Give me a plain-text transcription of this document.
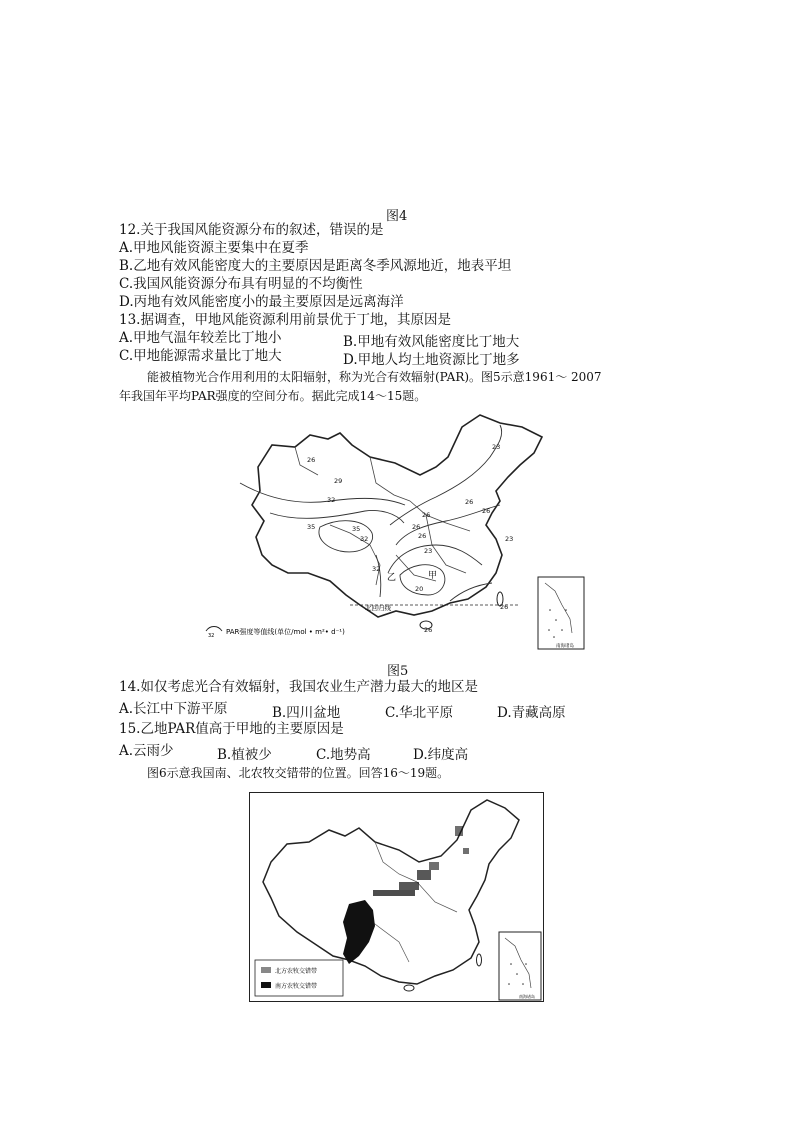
图4
12.关于我国风能资源分布的叙述，错误的是
A.甲地风能资源主要集中在夏季
B.乙地有效风能密度大的主要原因是距离冬季风源地近，地表平坦
C.我国风能资源分布具有明显的不均衡性
D.丙地有效风能密度小的最主要原因是远离海洋
13.据调查，甲地风能资源利用前景优于丁地，其原因是
A.甲地气温年较差比丁地小	B.甲地有效风能密度比丁地大
C.甲地能源需求量比丁地大	D.甲地人均土地资源比丁地多
能被植物光合作用利用的太阳辐射，称为光合有效辐射(PAR)。图5示意1961～ 2007
年我国年平均PAR强度的空间分布。据此完成14～15题。
26
29
32
35	35
32
26
23
26
26
23
32
20
26
26
26
26
23
甲
乙
北回归线
南海诸岛
32 PAR强度等值线(单位/mol • m²• d⁻¹)
图5
14.如仅考虑光合有效辐射，我国农业生产潜力最大的地区是
A.长江中下游平原	B.四川盆地	C.华北平原	D.青藏高原
15.乙地PAR值高于甲地的主要原因是
A.云雨少	B.植被少	C.地势高	D.纬度高
图6示意我国南、北农牧交错带的位置。回答16～19题。
南海诸岛
北方农牧交错带
南方农牧交错带
